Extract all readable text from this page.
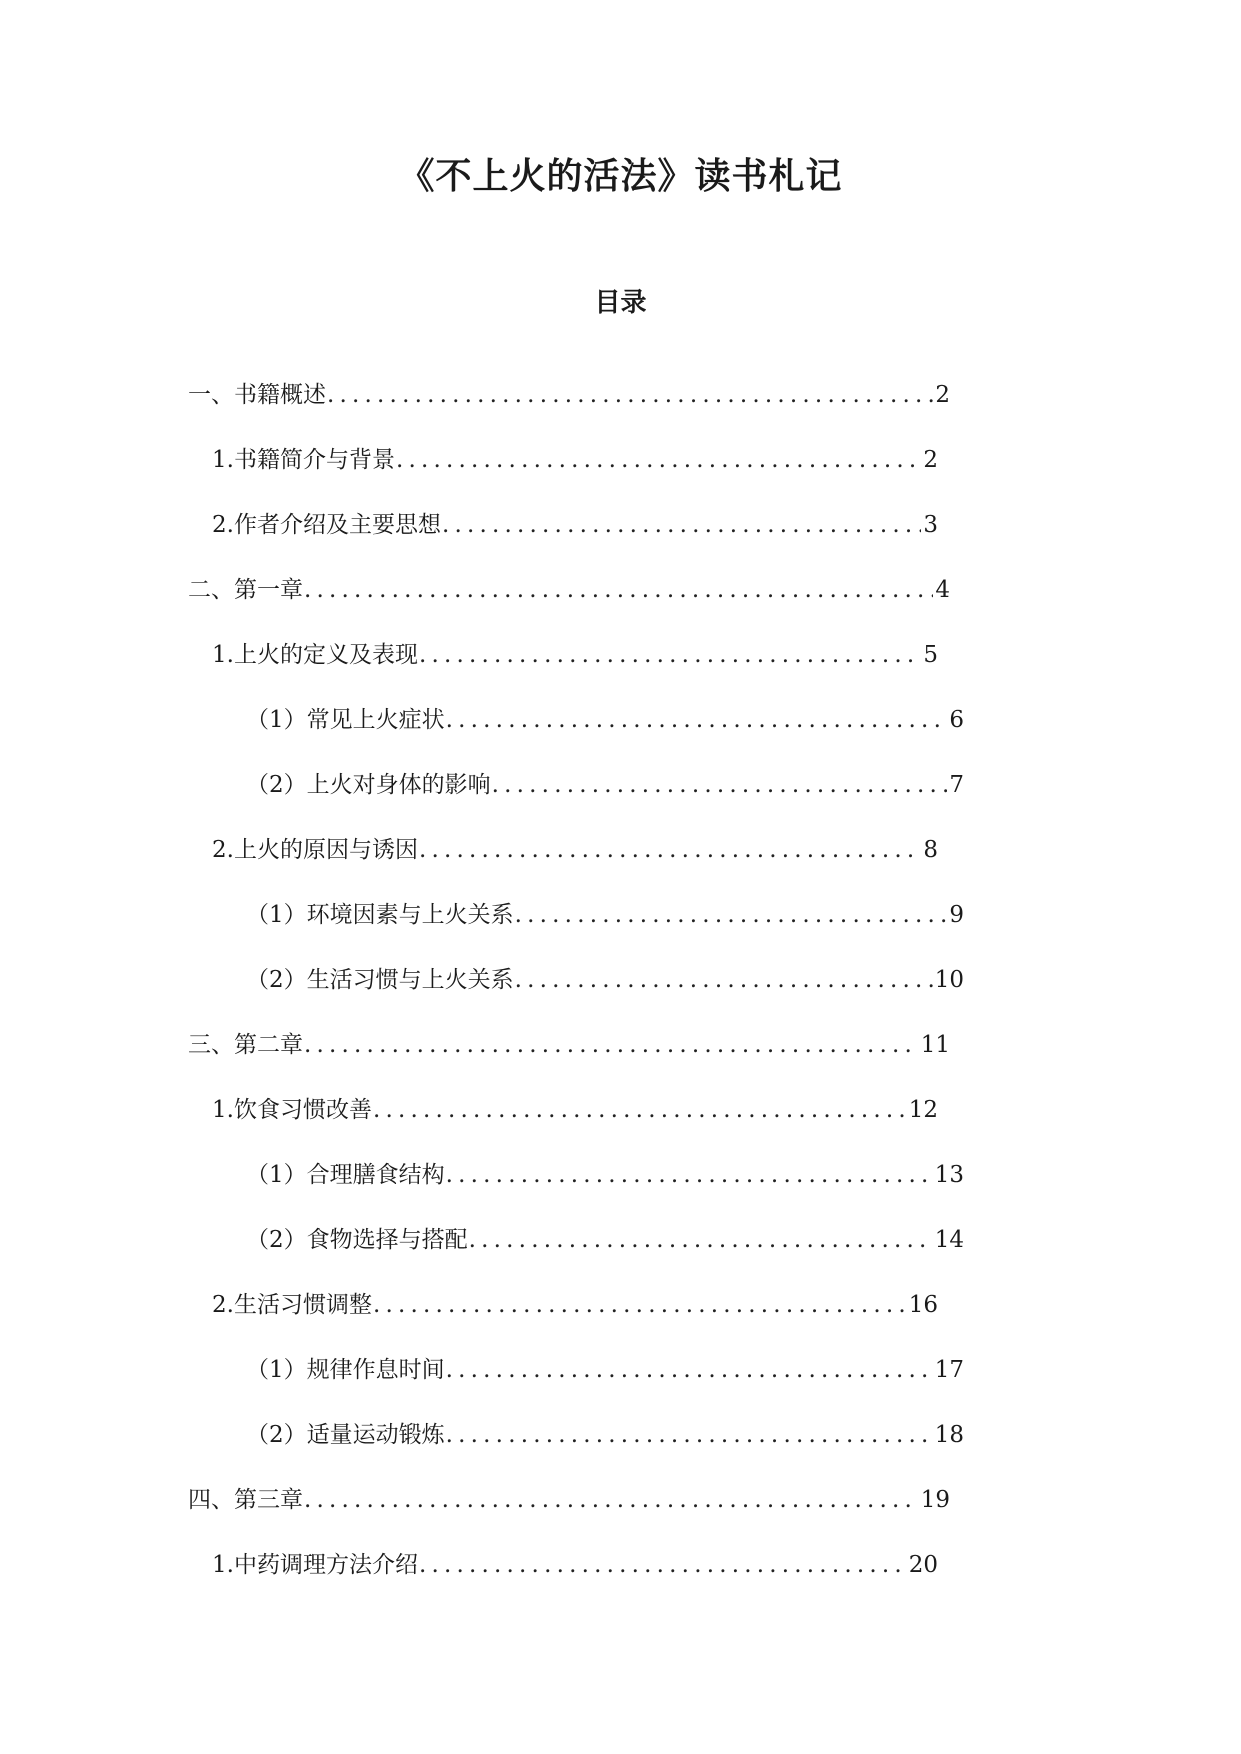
《不上火的活法》读书札记
目录
一、书籍概述 .....	2
1. 书籍简介与背景 .....	2
2. 作者介绍及主要思想 .....	3
二、第一章 .....	4
1. 上火的定义及表现 .....	5
（1）常见上火症状 .....	6
（2）上火对身体的影响 .....	7
2. 上火的原因与诱因 .....	8
（1）环境因素与上火关系 .....	9
（2）生活习惯与上火关系 .....	10
三、第二章 .....	11
1. 饮食习惯改善 .....	12
（1）合理膳食结构 .....	13
（2）食物选择与搭配 .....	14
2. 生活习惯调整 .....	16
（1）规律作息时间 .....	17
（2）适量运动锻炼 .....	18
四、第三章 .....	19
1. 中药调理方法介绍 .....	20
